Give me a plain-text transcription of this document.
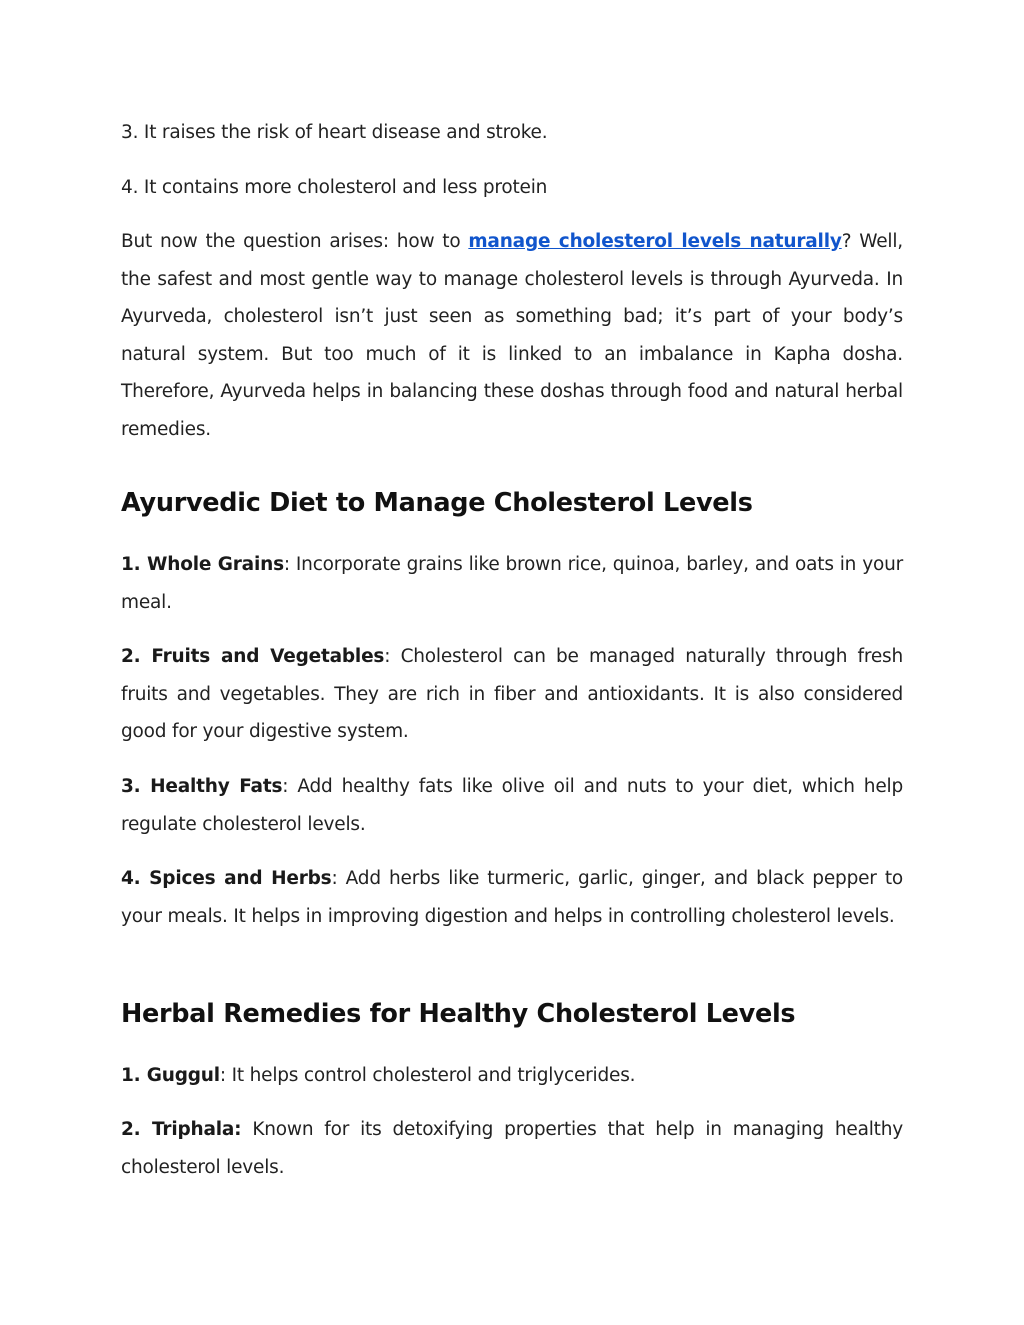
3. It raises the risk of heart disease and stroke.

4. It contains more cholesterol and less protein

But now the question arises: how to manage cholesterol levels naturally? Well, the safest and most gentle way to manage cholesterol levels is through Ayurveda. In Ayurveda, cholesterol isn’t just seen as something bad; it’s part of your body’s natural system. But too much of it is linked to an imbalance in Kapha dosha. Therefore, Ayurveda helps in balancing these doshas through food and natural herbal remedies.

Ayurvedic Diet to Manage Cholesterol Levels

1. Whole Grains: Incorporate grains like brown rice, quinoa, barley, and oats in your meal.

2. Fruits and Vegetables: Cholesterol can be managed naturally through fresh fruits and vegetables. They are rich in fiber and antioxidants. It is also considered good for your digestive system.

3. Healthy Fats: Add healthy fats like olive oil and nuts to your diet, which help regulate cholesterol levels.

4. Spices and Herbs: Add herbs like turmeric, garlic, ginger, and black pepper to your meals. It helps in improving digestion and helps in controlling cholesterol levels.

Herbal Remedies for Healthy Cholesterol Levels

1. Guggul: It helps control cholesterol and triglycerides.

2. Triphala: Known for its detoxifying properties that help in managing healthy cholesterol levels.
